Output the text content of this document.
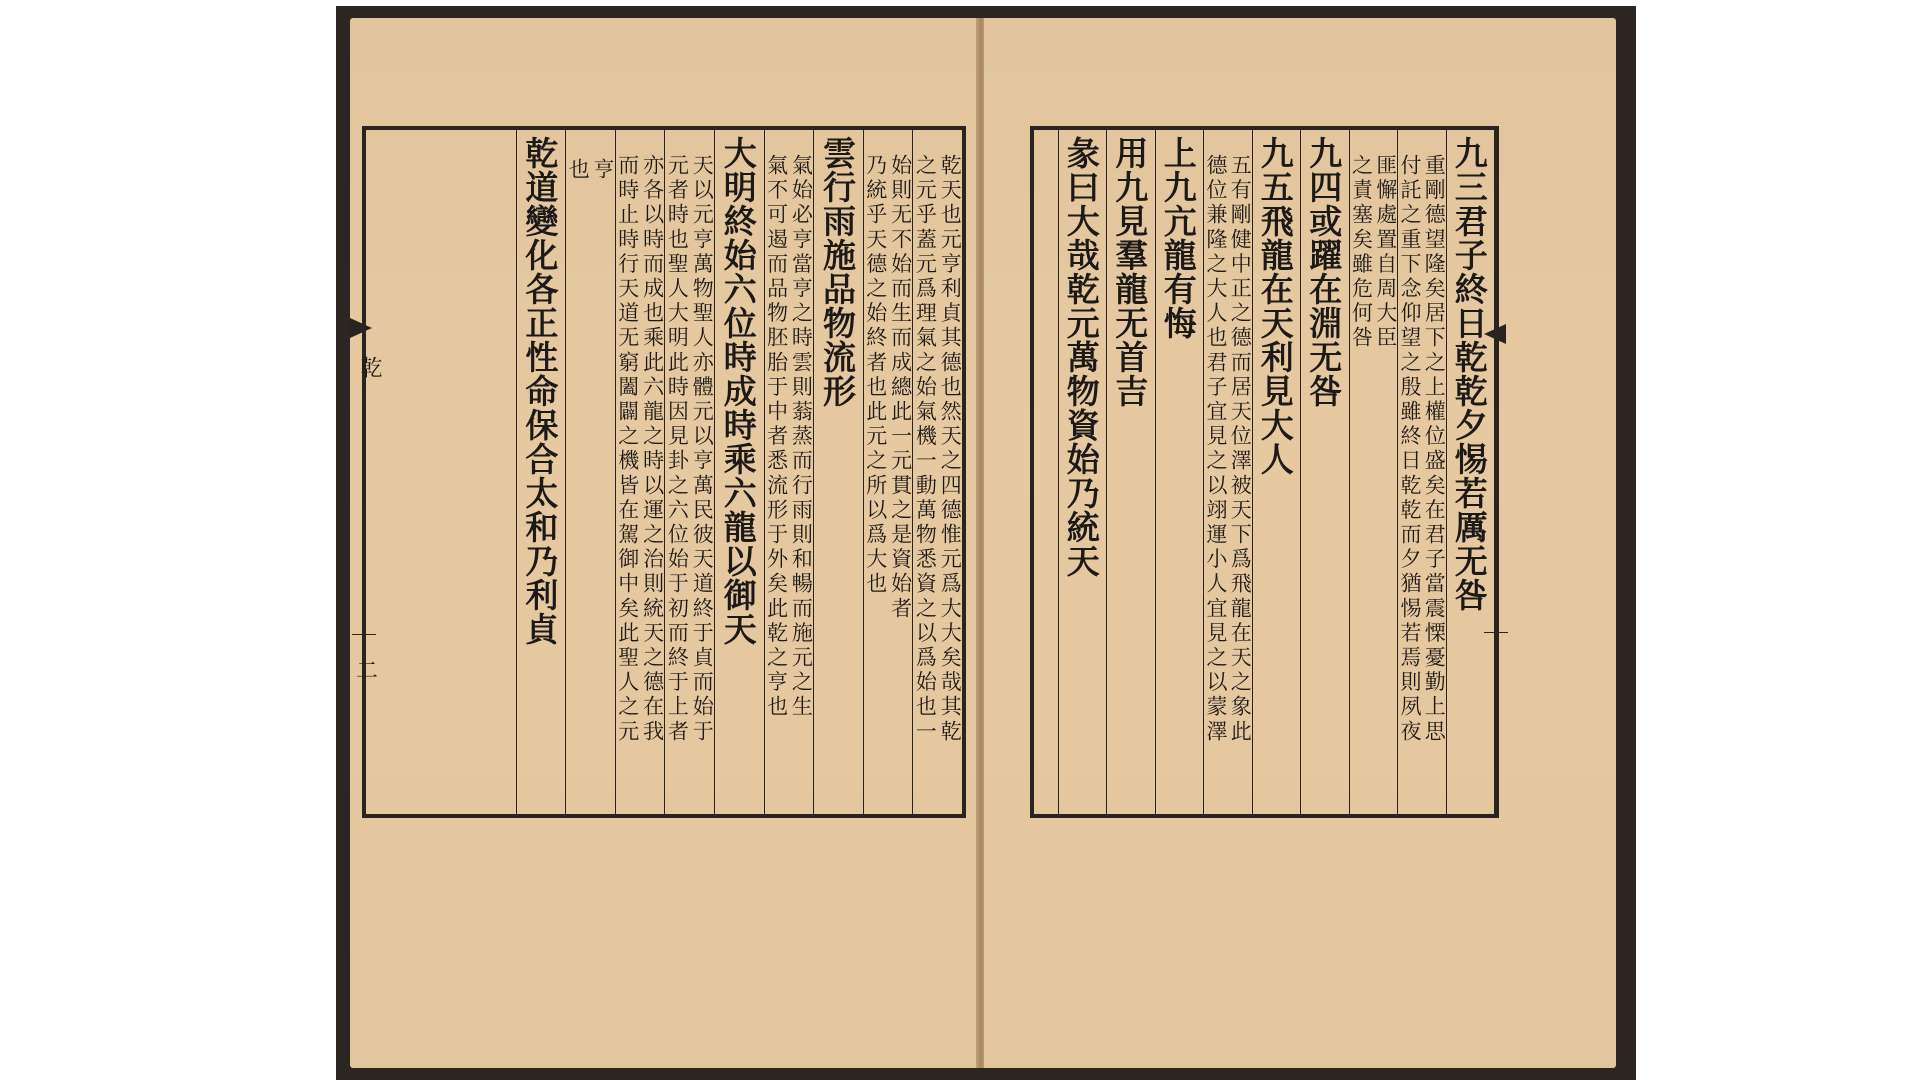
乾天也元亨利貞其德也然天之四德惟元爲大大矣哉其乾
之元乎蓋元爲理氣之始氣機一動萬物悉資之以爲始也一
始則无不始而生而成總此一元貫之是資始者
乃統乎天德之始終者也此元之所以爲大也
雲行雨施品物流形
氣始必亨當亨之時雲則蓊蒸而行雨則和暢而施元之生
氣不可遏而品物胚胎于中者悉流形于外矣此乾之亨也
大明終始六位時成時乘六龍以御天
天以元亨萬物聖人亦體元以亨萬民彼天道終于貞而始于
元者時也聖人大明此時因見卦之六位始于初而終于上者
亦各以時而成也乘此六龍之時以運之治則統天之德在我
而時止時行天道无窮闔闢之機皆在駕御中矣此聖人之元
亨
也
乾道變化各正性命保合太和乃利貞
乾
二
九三君子終日乾乾夕惕若厲无咎
重剛德望隆矣居下之上權位盛矣在君子當震慄憂勤上思
付託之重下念仰望之殷雖終日乾乾而夕猶惕若焉則夙夜
匪懈處置自周大臣
之責塞矣雖危何咎
九四或躍在淵无咎
九五飛龍在天利見大人
五有剛健中正之德而居天位澤被天下爲飛龍在天之象此
德位兼隆之大人也君子宜見之以翊運小人宜見之以蒙澤
上九亢龍有悔
用九見羣龍无首吉
彖曰大哉乾元萬物資始乃統天
